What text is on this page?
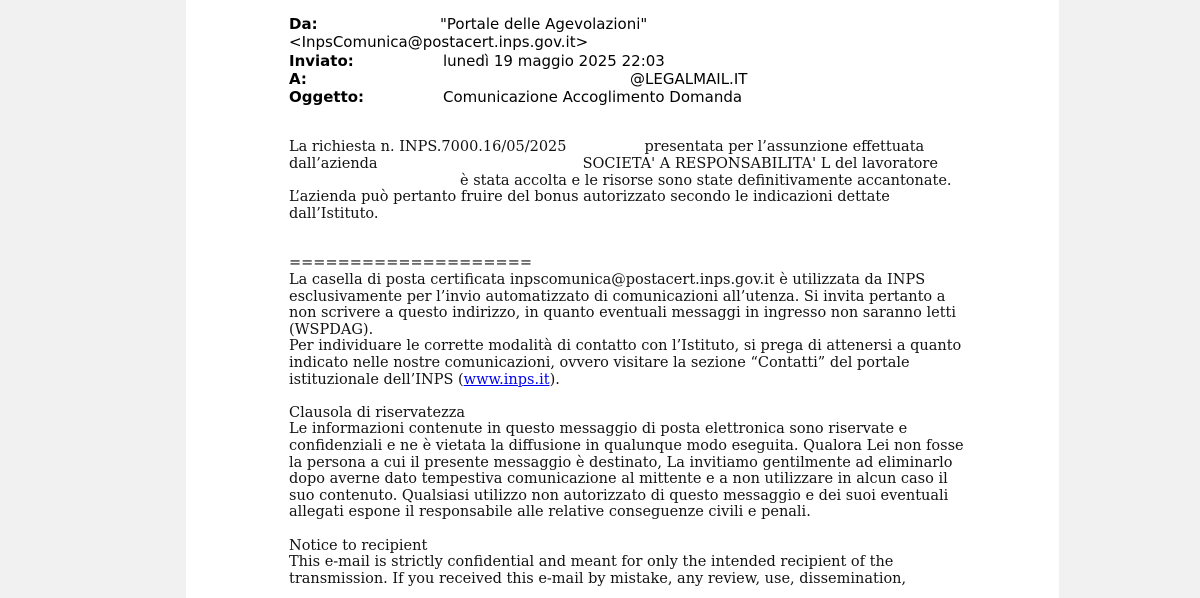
Da:	"Portale delle Agevolazioni"
<InpsComunica@postacert.inps.gov.it>
Inviato:	lunedì 19 maggio 2025 22:03
A:	@LEGALMAIL.IT
Oggetto:	Comunicazione Accoglimento Domanda
La richiesta n. INPS.7000.16/05/2025	presentata per l’assunzione effettuata
dall’azienda	SOCIETA' A RESPONSABILITA' L del lavoratore
è stata accolta e le risorse sono state definitivamente accantonate.
L’azienda può pertanto fruire del bonus autorizzato secondo le indicazioni dettate
dall’Istituto.
====================
La casella di posta certificata inpscomunica@postacert.inps.gov.it è utilizzata da INPS
esclusivamente per l’invio automatizzato di comunicazioni all’utenza. Si invita pertanto a
non scrivere a questo indirizzo, in quanto eventuali messaggi in ingresso non saranno letti
(WSPDAG).
Per individuare le corrette modalità di contatto con l’Istituto, si prega di attenersi a quanto
indicato nelle nostre comunicazioni, ovvero visitare la sezione “Contatti” del portale
istituzionale dell’INPS (www.inps.it).
Clausola di riservatezza
Le informazioni contenute in questo messaggio di posta elettronica sono riservate e
confidenziali e ne è vietata la diffusione in qualunque modo eseguita. Qualora Lei non fosse
la persona a cui il presente messaggio è destinato, La invitiamo gentilmente ad eliminarlo
dopo averne dato tempestiva comunicazione al mittente e a non utilizzare in alcun caso il
suo contenuto. Qualsiasi utilizzo non autorizzato di questo messaggio e dei suoi eventuali
allegati espone il responsabile alle relative conseguenze civili e penali.
Notice to recipient
This e-mail is strictly confidential and meant for only the intended recipient of the
transmission. If you received this e-mail by mistake, any review, use, dissemination,
